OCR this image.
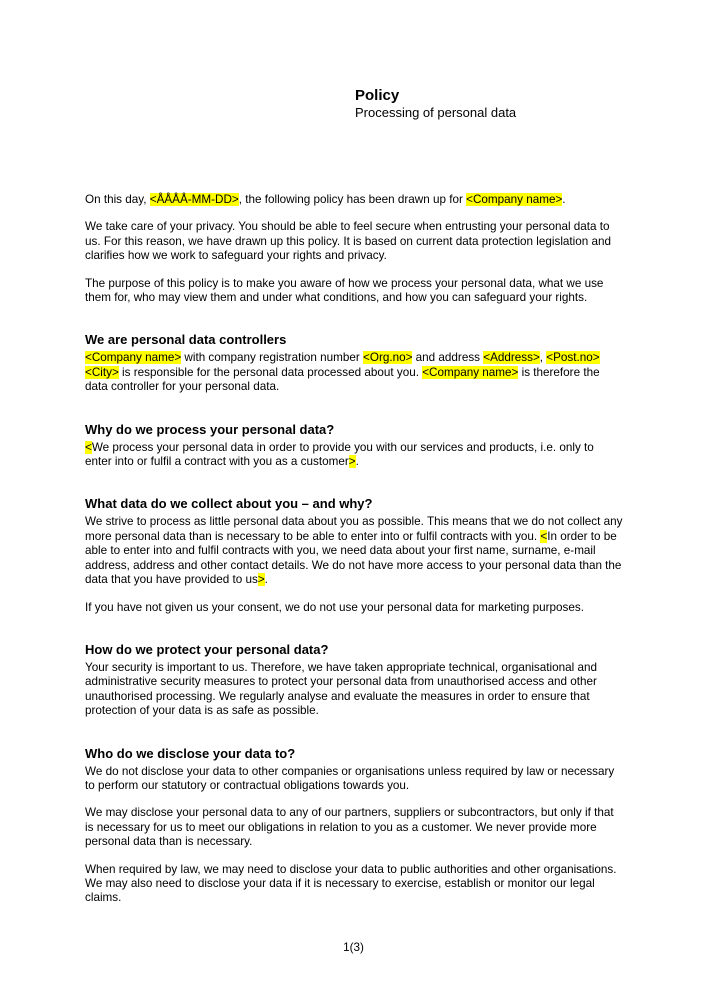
Policy
Processing of personal data

On this day, <ÅÅÅÅ-MM-DD>, the following policy has been drawn up for <Company name>.

We take care of your privacy. You should be able to feel secure when entrusting your personal data to us. For this reason, we have drawn up this policy. It is based on current data protection legislation and clarifies how we work to safeguard your rights and privacy.

The purpose of this policy is to make you aware of how we process your personal data, what we use them for, who may view them and under what conditions, and how you can safeguard your rights.

We are personal data controllers

<Company name> with company registration number <Org.no> and address <Address>, <Post.no> <City> is responsible for the personal data processed about you. <Company name> is therefore the data controller for your personal data.

Why do we process your personal data?

<We process your personal data in order to provide you with our services and products, i.e. only to enter into or fulfil a contract with you as a customer>.

What data do we collect about you – and why?

We strive to process as little personal data about you as possible. This means that we do not collect any more personal data than is necessary to be able to enter into or fulfil contracts with you. <In order to be able to enter into and fulfil contracts with you, we need data about your first name, surname, e-mail address, address and other contact details. We do not have more access to your personal data than the data that you have provided to us>.

If you have not given us your consent, we do not use your personal data for marketing purposes.

How do we protect your personal data?

Your security is important to us. Therefore, we have taken appropriate technical, organisational and administrative security measures to protect your personal data from unauthorised access and other unauthorised processing. We regularly analyse and evaluate the measures in order to ensure that protection of your data is as safe as possible.

Who do we disclose your data to?

We do not disclose your data to other companies or organisations unless required by law or necessary to perform our statutory or contractual obligations towards you.

We may disclose your personal data to any of our partners, suppliers or subcontractors, but only if that is necessary for us to meet our obligations in relation to you as a customer. We never provide more personal data than is necessary.

When required by law, we may need to disclose your data to public authorities and other organisations. We may also need to disclose your data if it is necessary to exercise, establish or monitor our legal claims.

1(3)
